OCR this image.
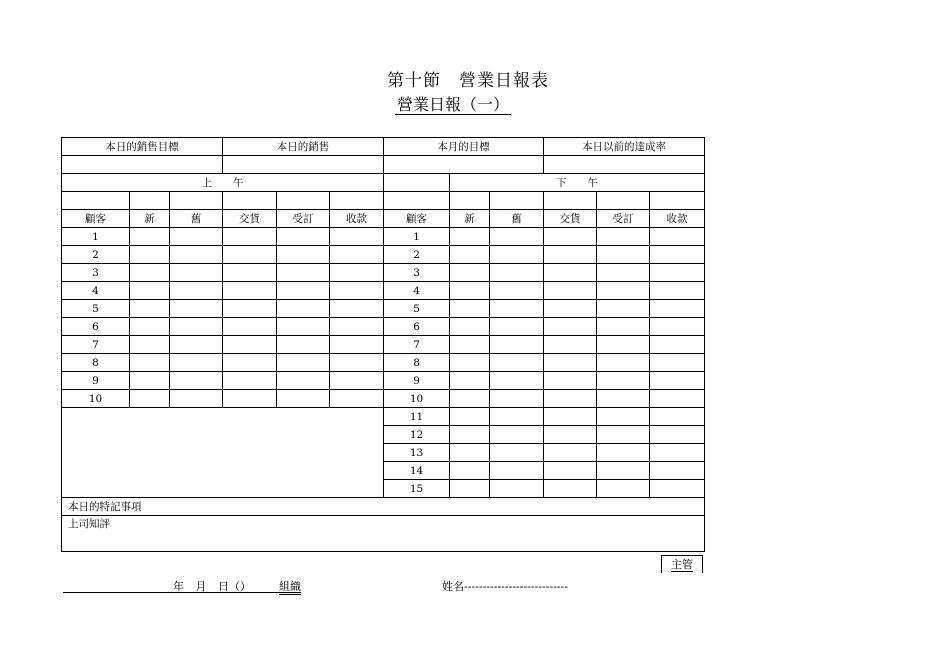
第十節　營業日報表
營業日報（一）
本日的銷售目標			本日的銷售			本月的目標			本日以前的達成率		

上　　午							下　　午				

顧客	新	舊	交貨	受訂	收款	顧客	新	舊	交貨	受訂	收款
1						1					
2						2					
3						3					
4						4					
5						5					
6						6					
7						7					
8						8					
9						9					
10						10					
						11					
						12					
						13					
						14					
						15					
本日的特記事項											
上司知評											
主管
年 月 日（）	組織	姓名----------------------------
